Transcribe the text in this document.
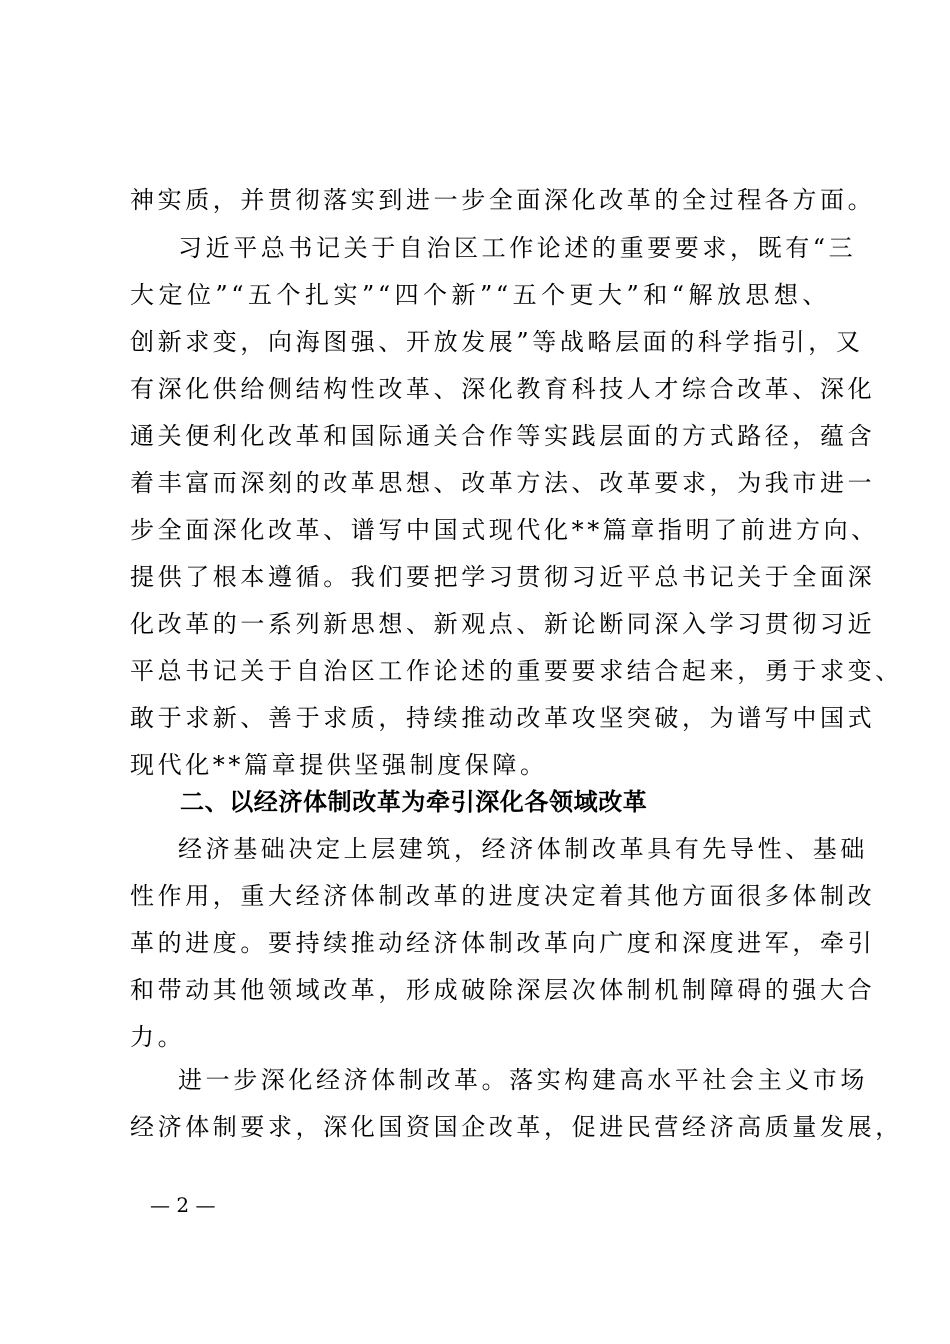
神实质，并贯彻落实到进一步全面深化改革的全过程各方面。
习近平总书记关于自治区工作论述的重要要求，既有“三
大定位”“五个扎实”“四个新”“五个更大”和“解放思想、
创新求变，向海图强、开放发展”等战略层面的科学指引，又
有深化供给侧结构性改革、深化教育科技人才综合改革、深化
通关便利化改革和国际通关合作等实践层面的方式路径，蕴含
着丰富而深刻的改革思想、改革方法、改革要求，为我市进一
步全面深化改革、谱写中国式现代化**篇章指明了前进方向、
提供了根本遵循。我们要把学习贯彻习近平总书记关于全面深
化改革的一系列新思想、新观点、新论断同深入学习贯彻习近
平总书记关于自治区工作论述的重要要求结合起来，勇于求变、
敢于求新、善于求质，持续推动改革攻坚突破，为谱写中国式
现代化**篇章提供坚强制度保障。
二、以经济体制改革为牵引深化各领域改革
经济基础决定上层建筑，经济体制改革具有先导性、基础
性作用，重大经济体制改革的进度决定着其他方面很多体制改
革的进度。要持续推动经济体制改革向广度和深度进军，牵引
和带动其他领域改革，形成破除深层次体制机制障碍的强大合
力。
进一步深化经济体制改革。落实构建高水平社会主义市场
经济体制要求，深化国资国企改革，促进民营经济高质量发展，
— 2 —
